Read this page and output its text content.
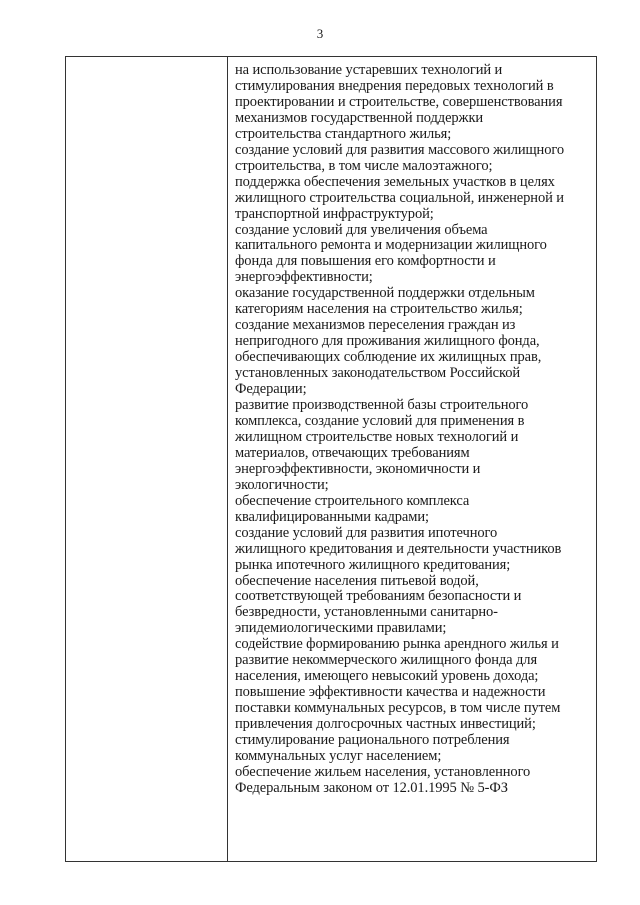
3
на использование устаревших технологий и
стимулирования внедрения передовых технологий в
проектировании и строительстве, совершенствования
механизмов государственной поддержки
строительства стандартного жилья;
создание условий для развития массового жилищного
строительства, в том числе малоэтажного;
поддержка обеспечения земельных участков в целях
жилищного строительства социальной, инженерной и
транспортной инфраструктурой;
создание условий для увеличения объема
капитального ремонта и модернизации жилищного
фонда для повышения его комфортности и
энергоэффективности;
оказание государственной поддержки отдельным
категориям населения на строительство жилья;
создание механизмов переселения граждан из
непригодного для проживания жилищного фонда,
обеспечивающих соблюдение их жилищных прав,
установленных законодательством Российской
Федерации;
развитие производственной базы строительного
комплекса, создание условий для применения в
жилищном строительстве новых технологий и
материалов, отвечающих требованиям
энергоэффективности, экономичности и
экологичности;
обеспечение строительного комплекса
квалифицированными кадрами;
создание условий для развития ипотечного
жилищного кредитования и деятельности участников
рынка ипотечного жилищного кредитования;
обеспечение населения питьевой водой,
соответствующей требованиям безопасности и
безвредности, установленными санитарно-
эпидемиологическими правилами;
содействие формированию рынка арендного жилья и
развитие некоммерческого жилищного фонда для
населения, имеющего невысокий уровень дохода;
повышение эффективности качества и надежности
поставки коммунальных ресурсов, в том числе путем
привлечения долгосрочных частных инвестиций;
стимулирование рационального потребления
коммунальных услуг населением;
обеспечение жильем населения, установленного
Федеральным законом от 12.01.1995 № 5-ФЗ
